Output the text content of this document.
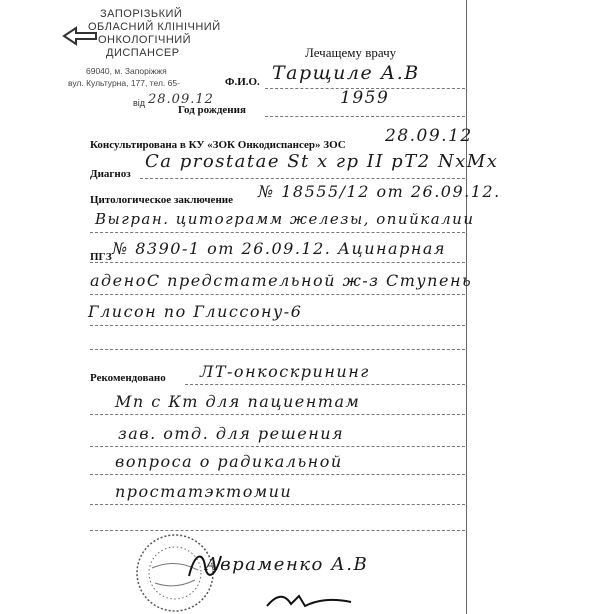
ЗАПОРІЗЬКИЙ
ОБЛАСНИЙ КЛІНІЧНИЙ
ОНКОЛОГІЧНИЙ
ДИСПАНСЕР
69040, м. Запоріжжя
вул. Культурна, 177, тел. 65-
від 28.09.12
Лечащему врачу
Ф.И.О. Тарщиле А.В
1959
Год рождения
Консультирована в КУ «ЗОК Онкодиспансер» ЗОС 28.09.12
Диагноз
Са prostatae St x гр II рТ2 NxMx
Цитологическое заключение № 18555/12 от 26.09.12.
Выгран. цитограмм железы, опийкалии
ПГЗ № 8390-1 от 26.09.12. Ацинарная
аденоС предстательной ж-з Ступень
Глисон по Глиссону-6
Рекомендовано ЛТ-онкоскрининг
Мп с Кт для пациентам
зав. отд. для решения
вопроса о радикальной
простатэктомии
Авраменко А.В
